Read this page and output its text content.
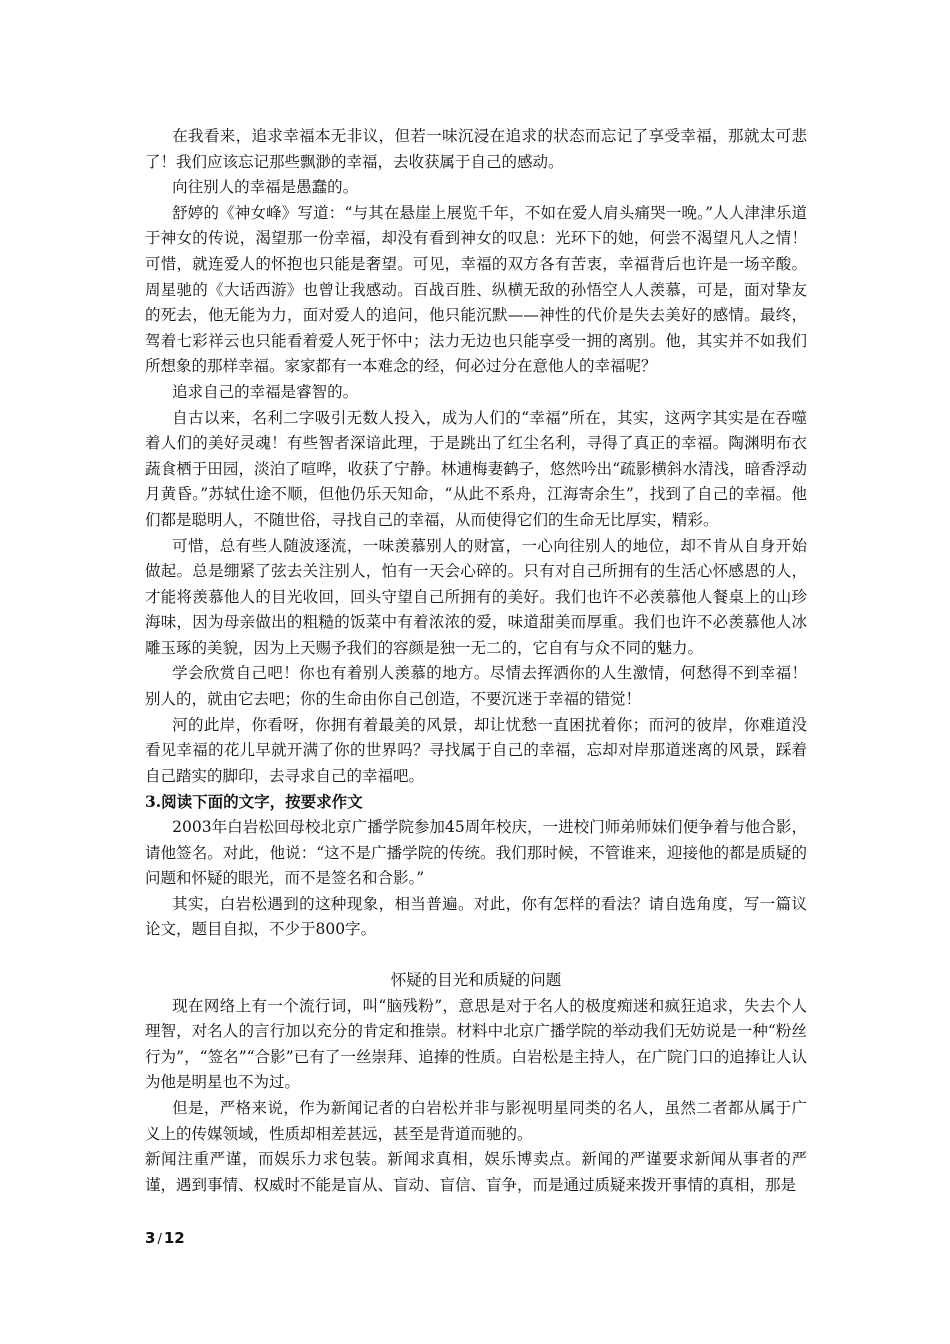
在我看来，追求幸福本无非议，但若一味沉浸在追求的状态而忘记了享受幸福，那就太可悲了！我们应该忘记那些飘渺的幸福，去收获属于自己的感动。

向往别人的幸福是愚蠢的。

舒婷的《神女峰》写道：“与其在悬崖上展览千年，不如在爱人肩头痛哭一晚。”人人津津乐道于神女的传说，渴望那一份幸福，却没有看到神女的叹息：光环下的她，何尝不渴望凡人之情！可惜，就连爱人的怀抱也只能是奢望。可见，幸福的双方各有苦衷，幸福背后也许是一场辛酸。周星驰的《大话西游》也曾让我感动。百战百胜、纵横无敌的孙悟空人人羡慕，可是，面对挚友的死去，他无能为力，面对爱人的追问，他只能沉默——神性的代价是失去美好的感情。最终，驾着七彩祥云也只能看着爱人死于怀中；法力无边也只能享受一拥的离别。他，其实并不如我们所想象的那样幸福。家家都有一本难念的经，何必过分在意他人的幸福呢？

追求自己的幸福是睿智的。

自古以来，名利二字吸引无数人投入，成为人们的“幸福”所在，其实，这两字其实是在吞噬着人们的美好灵魂！有些智者深谙此理，于是跳出了红尘名利，寻得了真正的幸福。陶渊明布衣蔬食栖于田园，淡泊了喧哗，收获了宁静。林逋梅妻鹤子，悠然吟出“疏影横斜水清浅，暗香浮动月黄昏。”苏轼仕途不顺，但他仍乐天知命，“从此不系舟，江海寄余生”，找到了自己的幸福。他们都是聪明人，不随世俗，寻找自己的幸福，从而使得它们的生命无比厚实，精彩。

可惜，总有些人随波逐流，一味羡慕别人的财富，一心向往别人的地位，却不肯从自身开始做起。总是绷紧了弦去关注别人，怕有一天会心碎的。只有对自己所拥有的生活心怀感恩的人，才能将羡慕他人的目光收回，回头守望自己所拥有的美好。我们也许不必羡慕他人餐桌上的山珍海味，因为母亲做出的粗糙的饭菜中有着浓浓的爱，味道甜美而厚重。我们也许不必羡慕他人冰雕玉琢的美貌，因为上天赐予我们的容颜是独一无二的，它自有与众不同的魅力。

学会欣赏自己吧！你也有着别人羡慕的地方。尽情去挥洒你的人生激情，何愁得不到幸福！别人的，就由它去吧；你的生命由你自己创造，不要沉迷于幸福的错觉！

河的此岸，你看呀，你拥有着最美的风景，却让忧愁一直困扰着你；而河的彼岸，你难道没看见幸福的花儿早就开满了你的世界吗？寻找属于自己的幸福，忘却对岸那道迷离的风景，踩着自己踏实的脚印，去寻求自己的幸福吧。

3.阅读下面的文字，按要求作文

2003年白岩松回母校北京广播学院参加45周年校庆，一进校门师弟师妹们便争着与他合影，请他签名。对此，他说：“这不是广播学院的传统。我们那时候，不管谁来，迎接他的都是质疑的问题和怀疑的眼光，而不是签名和合影。”

其实，白岩松遇到的这种现象，相当普遍。对此，你有怎样的看法？请自选角度，写一篇议论文，题目自拟，不少于800字。

怀疑的目光和质疑的问题

现在网络上有一个流行词，叫“脑残粉”，意思是对于名人的极度痴迷和疯狂追求，失去个人理智，对名人的言行加以充分的肯定和推崇。材料中北京广播学院的举动我们无妨说是一种“粉丝行为”，“签名”“合影”已有了一丝崇拜、追捧的性质。白岩松是主持人，在广院门口的追捧让人认为他是明星也不为过。

但是，严格来说，作为新闻记者的白岩松并非与影视明星同类的名人，虽然二者都从属于广义上的传媒领域，性质却相差甚远，甚至是背道而驰的。

新闻注重严谨，而娱乐力求包装。新闻求真相，娱乐博卖点。新闻的严谨要求新闻从事者的严谨，遇到事情、权威时不能是盲从、盲动、盲信、盲争，而是通过质疑来拨开事情的真相，那是

3 / 12
